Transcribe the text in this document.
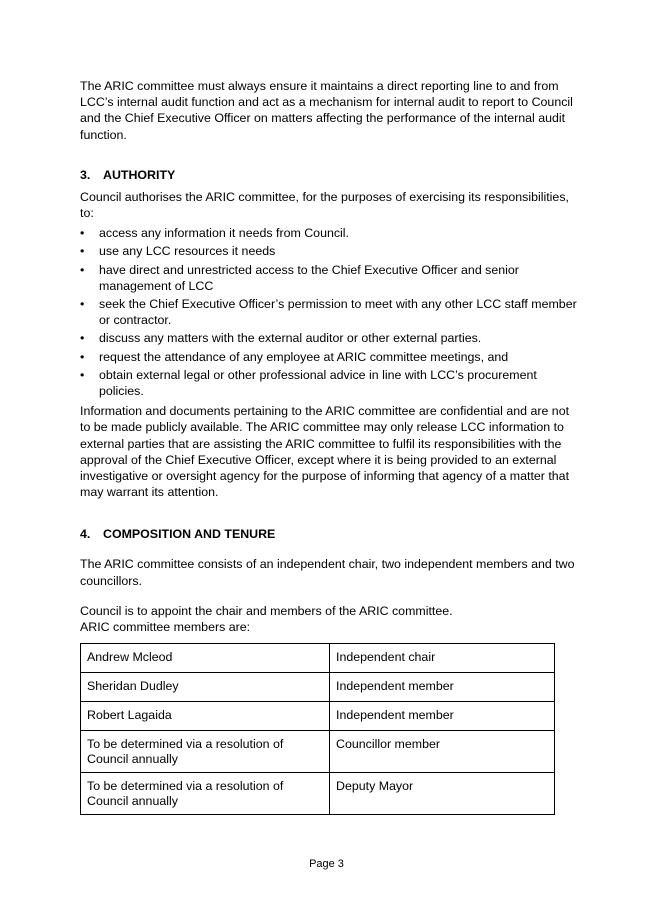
The ARIC committee must always ensure it maintains a direct reporting line to and from LCC’s internal audit function and act as a mechanism for internal audit to report to Council and the Chief Executive Officer on matters affecting the performance of the internal audit function.

3. AUTHORITY

Council authorises the ARIC committee, for the purposes of exercising its responsibilities, to:

• access any information it needs from Council.
• use any LCC resources it needs
• have direct and unrestricted access to the Chief Executive Officer and senior management of LCC
• seek the Chief Executive Officer’s permission to meet with any other LCC staff member or contractor.
• discuss any matters with the external auditor or other external parties.
• request the attendance of any employee at ARIC committee meetings, and
• obtain external legal or other professional advice in line with LCC’s procurement policies.

Information and documents pertaining to the ARIC committee are confidential and are not to be made publicly available. The ARIC committee may only release LCC information to external parties that are assisting the ARIC committee to fulfil its responsibilities with the approval of the Chief Executive Officer, except where it is being provided to an external investigative or oversight agency for the purpose of informing that agency of a matter that may warrant its attention.

4. COMPOSITION AND TENURE

The ARIC committee consists of an independent chair, two independent members and two councillors.

Council is to appoint the chair and members of the ARIC committee.

ARIC committee members are:

Andrew Mcleod	Independent chair
Sheridan Dudley	Independent member
Robert Lagaida	Independent member
To be determined via a resolution of Council annually	Councillor member
To be determined via a resolution of Council annually	Deputy Mayor
Page 3
